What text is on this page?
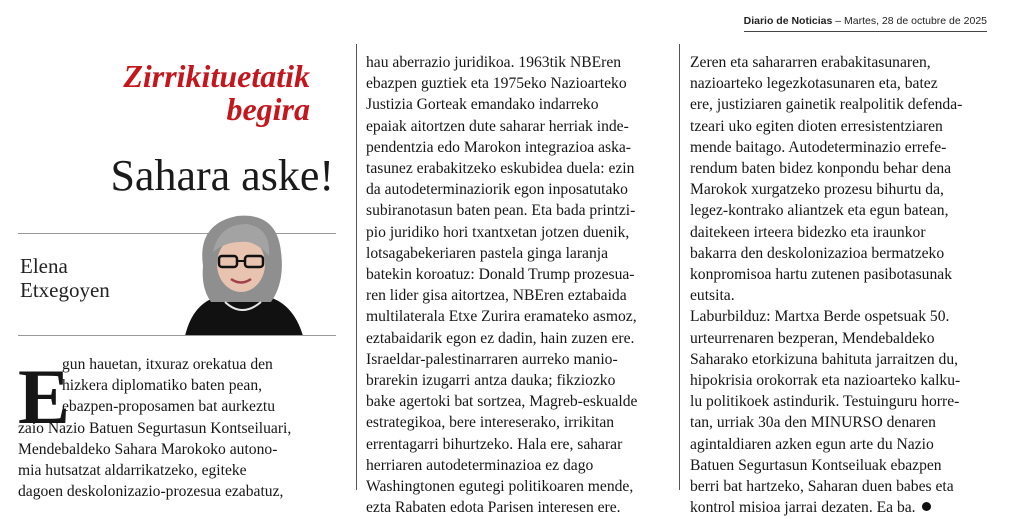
Diario de Noticias – Martes, 28 de octubre de 2025
Zirrikituetatik
begira
Sahara aske!
Elena
Etxegoyen
E

gun hauetan, itxuraz orekatua den

hizkera diplomatiko baten pean,

ebazpen-proposamen bat aurkeztu

zaio Nazio Batuen Segurtasun Kontseiluari,

Mendebaldeko Sahara Marokoko autono-

mia hutsatzat aldarrikatzeko, egiteke

dagoen deskolonizazio-prozesua ezabatuz,

hau aberrazio juridikoa. 1963tik NBEren

ebazpen guztiek eta 1975eko Nazioarteko

Justizia Gorteak emandako indarreko

epaiak aitortzen dute saharar herriak inde-

pendentzia edo Marokon integrazioa aska-

tasunez erabakitzeko eskubidea duela: ezin

da autodeterminaziorik egon inposatutako

subiranotasun baten pean. Eta bada printzi-

pio juridiko hori txantxetan jotzen duenik,

lotsagabekeriaren pastela ginga laranja

batekin koroatuz: Donald Trump prozesua-

ren lider gisa aitortzea, NBEren eztabaida

multilaterala Etxe Zurira eramateko asmoz,

eztabaidarik egon ez dadin, hain zuzen ere.

Israeldar-palestinarraren aurreko manio-

brarekin izugarri antza dauka; fikziozko

bake agertoki bat sortzea, Magreb-eskualde

estrategikoa, bere intereserako, irrikitan

errentagarri bihurtzeko. Hala ere, saharar

herriaren autodeterminazioa ez dago

Washingtonen egutegi politikoaren mende,

ezta Rabaten edota Parisen interesen ere.

Zeren eta sahararren erabakitasunaren,

nazioarteko legezkotasunaren eta, batez

ere, justiziaren gainetik realpolitik defenda-

tzeari uko egiten dioten erresistentziaren

mende baitago. Autodeterminazio errefe-

rendum baten bidez konpondu behar dena

Marokok xurgatzeko prozesu bihurtu da,

legez-kontrako aliantzek eta egun batean,

daitekeen irteera bidezko eta iraunkor

bakarra den deskolonizazioa bermatzeko

konpromisoa hartu zutenen pasibotasunak

eutsita.

Laburbilduz: Martxa Berde ospetsuak 50.

urteurrenaren bezperan, Mendebaldeko

Saharako etorkizuna bahituta jarraitzen du,

hipokrisia orokorrak eta nazioarteko kalku-

lu politikoek astindurik. Testuinguru horre-

tan, urriak 30a den MINURSO denaren

agintaldiaren azken egun arte du Nazio

Batuen Segurtasun Kontseiluak ebazpen

berri bat hartzeko, Saharan duen babes eta

kontrol misioa jarrai dezaten. Ea ba.
